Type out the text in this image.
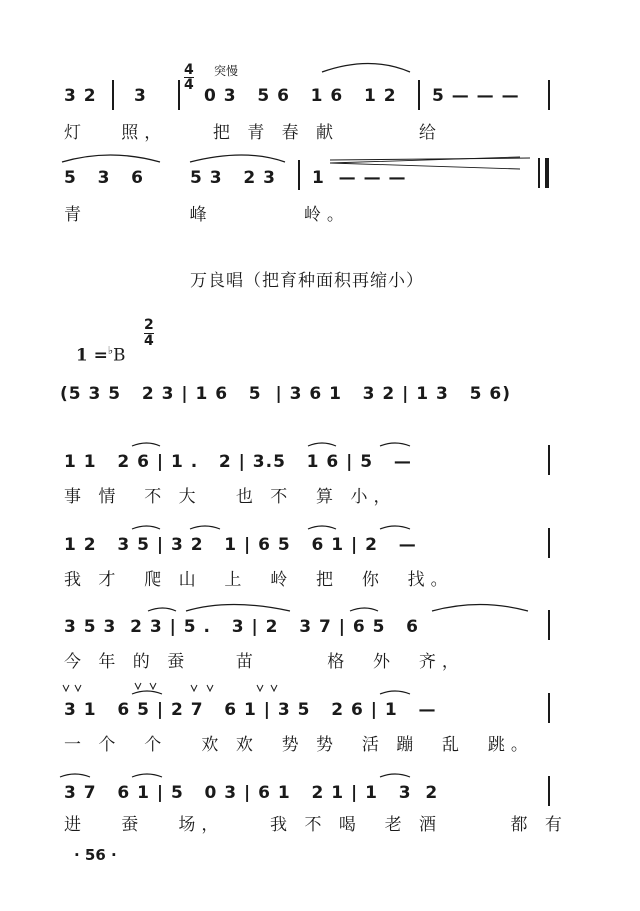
突慢
4
4
3 2 3	0 3   5 6   1 6   1 2 5 — — —
灯   照，    把 青 春 献       给
5   3   6	5 3   2 3 1  — — —
青         峰        岭。
万良唱（把育种面积再缩小）

1 =♭B

2
4
(5 3 5   2 3 | 1 6   5  | 3 6 1   3 2 | 1 3   5 6)
1 1   2 6 | 1 .   2 | 3.5   1 6 | 5   —
事 情  不 大   也 不  算 小，
1 2   3 5 | 3 2   1 | 6 5   6 1 | 2   —
我 才  爬 山  上  岭  把  你  找。
3 5 3  2 3 | 5 .   3 | 2   3 7 | 6 5   6
今 年 的 蚕    苗      格  外  齐，
3 1   6 5 | 2 7   6 1 | 3 5   2 6 | 1   —
一 个  个   欢 欢  势 势  活 蹦  乱  跳。
3 7   6 1 | 5   0 3 | 6 1   2 1 | 1   3  2
进   蚕   场，    我 不 喝  老 酒      都 有
· 56 ·
